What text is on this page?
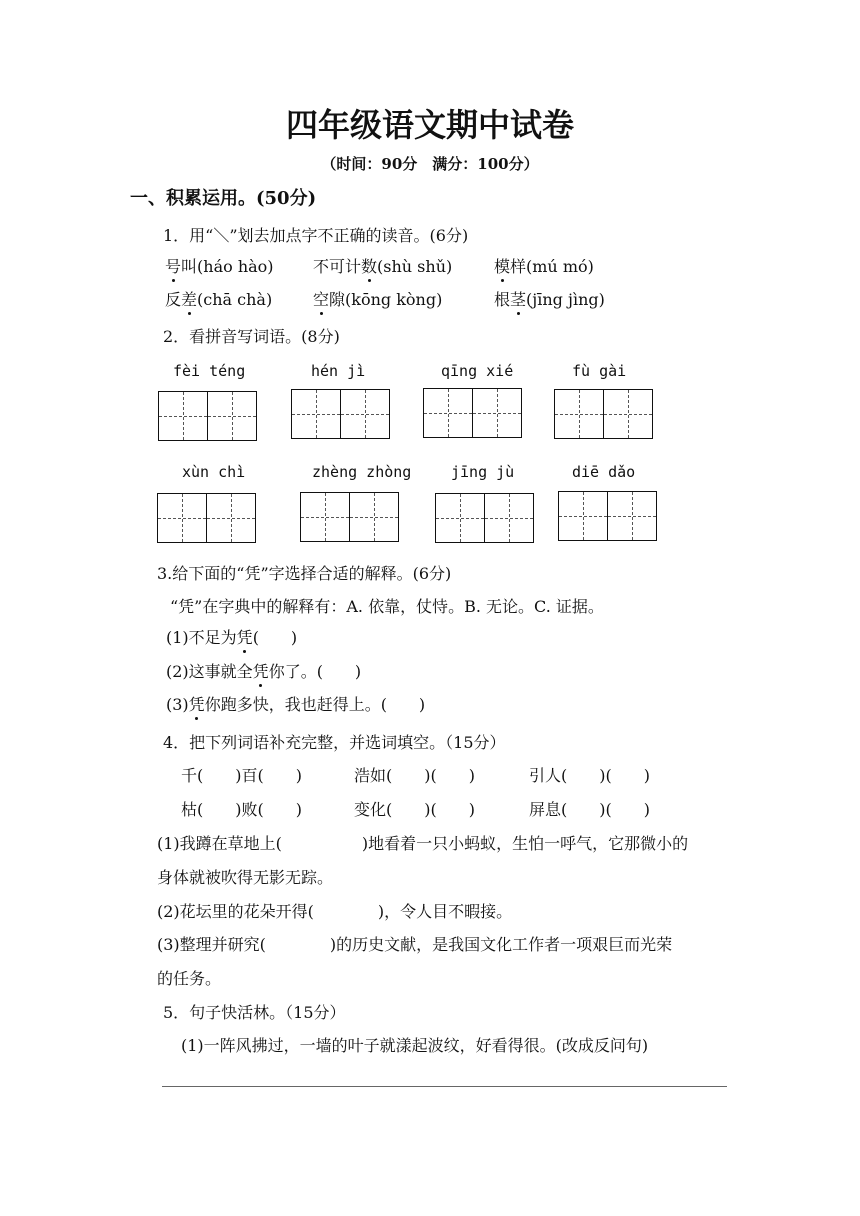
四年级语文期中试卷
（时间：90分　满分：100分）
一、积累运用。(50分)
1．用“＼”划去加点字不正确的读音。(6分)
号叫(háo hào) 不可计数(shù shǔ)	模样(mú mó)
反差(chā chà)	空隙(kōng kòng)	根茎(jīng jìng)
2．看拼音写词语。(8分)
fèi téng	hén jì	qīng xié	fù gài
xùn chì	zhèng zhòng	jīng jù	diē dǎo
3.给下面的“凭”字选择合适的解释。(6分)
“凭”在字典中的解释有：A. 依靠，仗恃。B. 无论。C. 证据。
(1)不足为凭(　　)
(2)这事就全凭你了。(　　)
(3)凭你跑多快，我也赶得上。(　　)
4．把下列词语补充完整，并选词填空。（15分）
千(　　)百(　　)	浩如(　　)(　　)	引人(　　)(　　)
枯(　　)败(　　)	变化(　　)(　　)	屏息(　　)(　　)
(1)我蹲在草地上(　　　　　)地看着一只小蚂蚁，生怕一呼气，它那微小的
身体就被吹得无影无踪。
(2)花坛里的花朵开得(　　　　)，令人目不暇接。
(3)整理并研究(　　　　)的历史文献，是我国文化工作者一项艰巨而光荣
的任务。
5．句子快活林。（15分）
(1)一阵风拂过，一墙的叶子就漾起波纹，好看得很。(改成反问句)
